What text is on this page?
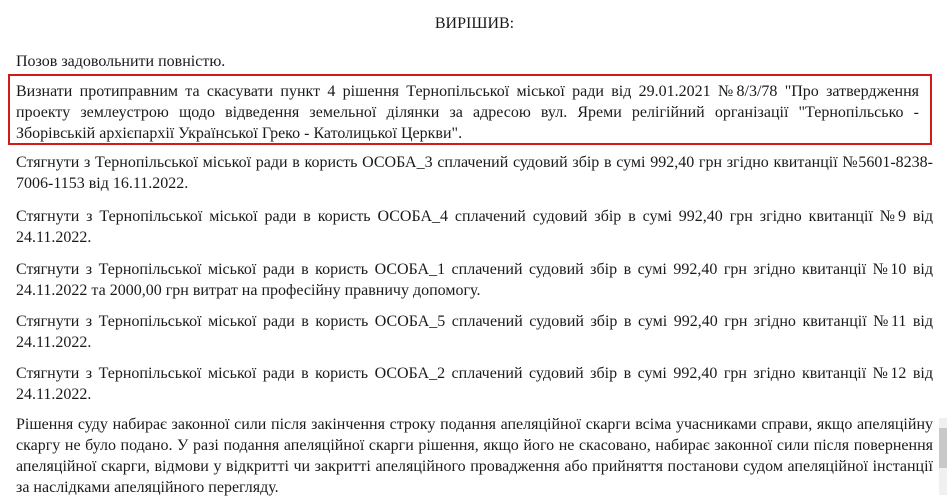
ВИРІШИВ:

Позов задовольнити повністю.

Визнати протиправним та скасувати пункт 4 рішення Тернопільської міської ради від 29.01.2021 №8/3/78 "Про затвердження проекту землеустрою щодо відведення земельної ділянки за адресою вул. Яреми релігійний організації "Тернопільсько - Зборівській архієпархії Української Греко - Католицької Церкви".

Стягнути з Тернопільської міської ради в користь ОСОБА_3 сплачений судовий збір в сумі 992,40 грн згідно квитанції №5601-8238-7006-1153 від 16.11.2022.

Стягнути з Тернопільської міської ради в користь ОСОБА_4 сплачений судовий збір в сумі 992,40 грн згідно квитанції №9 від 24.11.2022.

Стягнути з Тернопільської міської ради в користь ОСОБА_1 сплачений судовий збір в сумі 992,40 грн згідно квитанції №10 від 24.11.2022 та 2000,00 грн витрат на професійну правничу допомогу.

Стягнути з Тернопільської міської ради в користь ОСОБА_5 сплачений судовий збір в сумі 992,40 грн згідно квитанції №11 від 24.11.2022.

Стягнути з Тернопільської міської ради в користь ОСОБА_2 сплачений судовий збір в сумі 992,40 грн згідно квитанції №12 від 24.11.2022.

Рішення суду набирає законної сили після закінчення строку подання апеляційної скарги всіма учасниками справи, якщо апеляційну скаргу не було подано. У разі подання апеляційної скарги рішення, якщо його не скасовано, набирає законної сили після повернення апеляційної скарги, відмови у відкритті чи закритті апеляційного провадження або прийняття постанови судом апеляційної інстанції за наслідками апеляційного перегляду.
